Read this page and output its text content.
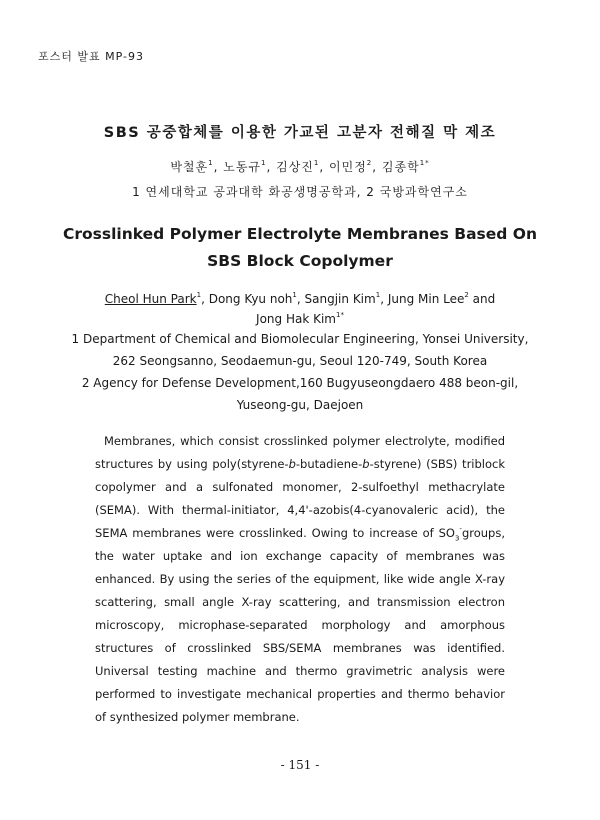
포스터 발표 MP-93
SBS 공중합체를 이용한 가교된 고분자 전해질 막 제조
박철훈$^1$, 노동규$^1$, 김상진$^1$, 이민정$^2$, 김종학$^{1*}$
1 연세대학교 공과대학 화공생명공학과, 2 국방과학연구소
Crosslinked Polymer Electrolyte Membranes Based On SBS Block Copolymer
Cheol Hun Park$^1$, Dong Kyu noh$^1$, Sangjin Kim$^1$, Jung Min Lee$^2$ and Jong Hak Kim$^{1*}$
1 Department of Chemical and Biomolecular Engineering, Yonsei University,
262 Seongsanno, Seodaemun-gu, Seoul 120-749, South Korea
2 Agency for Defense Development,160 Bugyuseongdaero 488 beon-gil,
Yuseong-gu, Daejoen
Membranes, which consist crosslinked polymer electrolyte, modified structures by using poly(styrene-b-butadiene-b-styrene) (SBS) triblock copolymer and a sulfonated monomer, 2-sulfoethyl methacrylate (SEMA). With thermal-initiator, 4,4'-azobis(4-cyanovaleric acid), the SEMA membranes were crosslinked. Owing to increase of $SO_3^-groups$, the water uptake and ion exchange capacity of membranes was enhanced. By using the series of the equipment, like wide angle X-ray scattering, small angle X-ray scattering, and transmission electron microscopy, microphase-separated morphology and amorphous structures of crosslinked SBS/SEMA membranes was identified. Universal testing machine and thermo gravimetric analysis were performed to investigate mechanical properties and thermo behavior of synthesized polymer membrane.
- 151 -
